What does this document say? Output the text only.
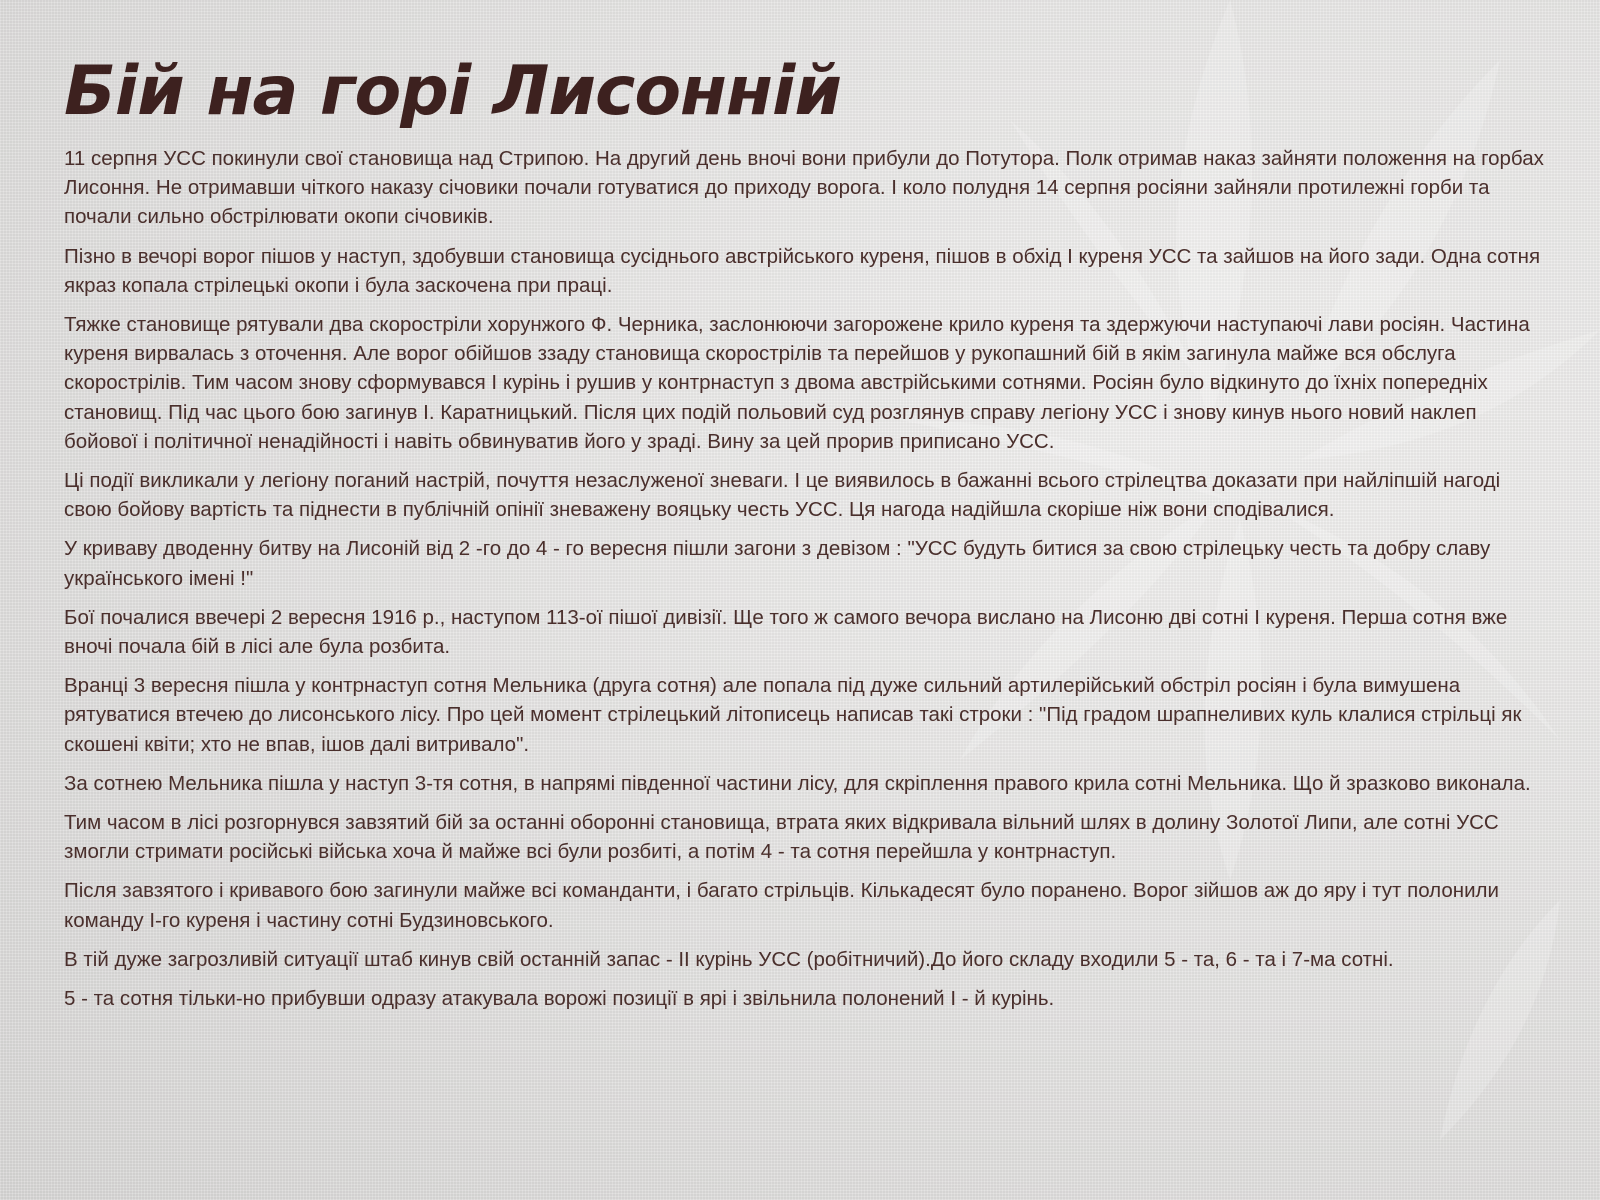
Бій на горі Лисонній

11 серпня УСС покинули свої становища над Стрипою. На другий день вночі вони прибули до Потутора. Полк отримав наказ зайняти положення на горбах Лисоння. Не отримавши чіткого наказу січовики почали готуватися до приходу ворога. І коло полудня 14 серпня росіяни зайняли протилежні горби та почали сильно обстрілювати окопи січовиків.

Пізно в вечорі ворог пішов у наступ, здобувши становища сусіднього австрійського куреня, пішов в обхід І куреня УСС та зайшов на його зади. Одна сотня якраз копала стрілецькі окопи і була заскочена при праці.

Тяжке становище рятували два скоростріли хорунжого Ф. Черника, заслонюючи загорожене крило куреня та здержуючи наступаючі лави росіян. Частина куреня вирвалась з оточення. Але ворог обійшов ззаду становища скорострілів та перейшов у рукопашний бій в якім загинула майже вся обслуга скорострілів. Тим часом знову сформувався І курінь і рушив у контрнаступ з двома австрійськими сотнями. Росіян було відкинуто до їхніх попередніх становищ. Під час цього бою загинув І. Каратницький. Після цих подій польовий суд розглянув справу легіону УСС і знову кинув нього новий наклеп бойової і політичної ненадійності і навіть обвинуватив його у зраді. Вину за цей прорив приписано УСС.

Ці події викликали у легіону поганий настрій, почуття незаслуженої зневаги. І це виявилось в бажанні всього стрілецтва доказати при найліпшій нагоді свою бойову вартість та піднести в публічній опінії зневажену вояцьку честь УСС. Ця нагода надійшла скоріше ніж вони сподівалися.

У криваву дводенну битву на Лисоній від 2 -го до 4 - го вересня пішли загони з девізом : "УСС будуть битися за свою стрілецьку честь та добру славу українського імені !"

Бої почалися ввечері 2 вересня 1916 р., наступом 113-ої пішої дивізії. Ще того ж самого вечора вислано на Лисоню дві сотні І куреня. Перша сотня вже вночі почала бій в лісі але була розбита.

Вранці 3 вересня пішла у контрнаступ сотня Мельника (друга сотня) але попала під дуже сильний артилерійський обстріл росіян і була вимушена рятуватися втечею до лисонського лісу. Про цей момент стрілецький літописець написав такі строки : "Під градом шрапнеливих куль клалися стрільці як скошені квіти; хто не впав, ішов далі витривало".

За сотнею Мельника пішла у наступ 3-тя сотня, в напрямі південної частини лісу, для скріплення правого крила сотні Мельника. Що й зразково виконала.

Тим часом в лісі розгорнувся завзятий бій за останні оборонні становища, втрата яких відкривала вільний шлях в долину Золотої Липи, але сотні УСС змогли стримати російські війська хоча й майже всі були розбиті, а потім 4 - та сотня перейшла у контрнаступ.

Після завзятого і кривавого бою загинули майже всі команданти, і багато стрільців. Кількадесят було поранено. Ворог зійшов аж до яру і тут полонили команду І-го куреня і частину сотні Будзиновського.

В тій дуже загрозливій ситуації штаб кинув свій останній запас - ІІ курінь УСС (робітничий).До його складу входили 5 - та, 6 - та і 7-ма сотні.

5 - та сотня тільки-но прибувши одразу атакувала ворожі позиції в ярі і звільнила полонений І - й курінь.
